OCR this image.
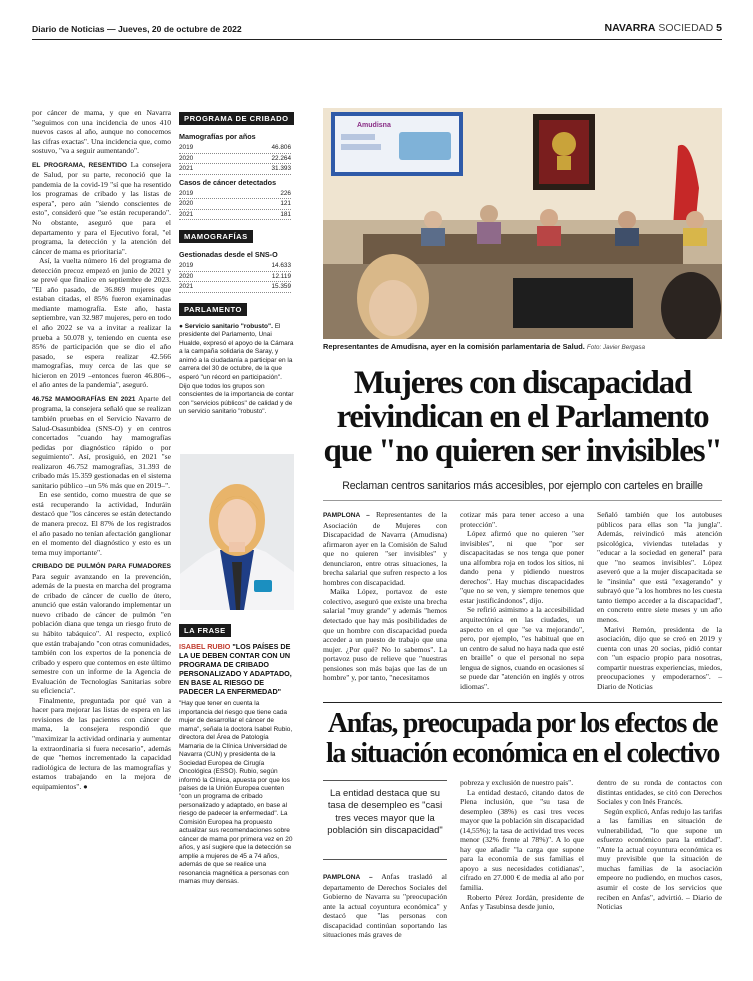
Diario de Noticias — Jueves, 20 de octubre de 2022	NAVARRA SOCIEDAD 5

por cáncer de mama, y que en Navarra "seguimos con una incidencia de unos 410 nuevos casos al año, aunque no conocemos las cifras exactas". Una incidencia que, como sostuvo, "va a seguir aumentando".

EL PROGRAMA, RESENTIDO La consejera de Salud, por su parte, reconoció que la pandemia de la covid-19 "sí que ha resentido los programas de cribado y las listas de espera", pero aún "siendo conscientes de esto", consideró que "se están recuperando". No obstante, aseguró que para el departamento y para el Ejecutivo foral, "el programa, la detección y la atención del cáncer de mama es prioritaria".

Así, la vuelta número 16 del programa de detección precoz empezó en junio de 2021 y se prevé que finalice en septiembre de 2023. "El año pasado, de 36.869 mujeres que estaban citadas, el 85% fueron examinadas mediante mamografía. Este año, hasta septiembre, van 32.987 mujeres, pero en todo el año 2022 se va a invitar a realizar la prueba a 50.078 y, teniendo en cuenta ese 85% de participación que se dio el año pasado, se espera realizar 42.566 mamografías, muy cerca de las que se hicieron en 2019 –entonces fueron 46.806–, el año antes de la pandemia", aseguró.

46.752 MAMOGRAFÍAS EN 2021 Aparte del programa, la consejera señaló que se realizan también pruebas en el Servicio Navarro de Salud-Osasunbidea (SNS-O) y en centros concertados "cuando hay mamografías pedidas por diagnóstico rápido o por seguimiento". Así, prosiguió, en 2021 "se realizaron 46.752 mamografías, 31.393 de cribado más 15.359 gestionadas en el sistema sanitario público –un 5% más que en 2019–".

En ese sentido, como muestra de que se está recuperando la actividad, Induráin destacó que "los cánceres se están detectando de manera precoz. El 87% de los registrados el año pasado no tenían afectación ganglionar en el momento del diagnóstico y esto es un tema muy importante".

CRIBADO DE PULMÓN PARA FUMADORES Para seguir avanzando en la prevención, además de la puesta en marcha del programa de cribado de cáncer de cuello de útero, anunció que están valorando implementar un nuevo cribado de cáncer de pulmón "en población diana que tenga un riesgo fruto de su hábito tabáquico". Al respecto, explicó que están trabajando "con otras comunidades, también con los expertos de la ponencia de cribado y espero que contemos en este último semestre con un informe de la Agencia de Evaluación de Tecnologías Sanitarias sobre su eficiencia".

Finalmente, preguntada por qué van a hacer para mejorar las listas de espera en las revisiones de las pacientes con cáncer de mama, la consejera respondió que "maximizar la actividad ordinaria y aumentar la extraordinaria si fuera necesario", además de que "hemos incrementado la capacidad radiológica de lectura de las mamografías y estamos trabajando en la mejora de equipamientos". ●

PROGRAMA DE CRIBADO
Mamografías por años
2019	46.806
2020	22.264
2021	31.393
Casos de cáncer detectados
2019	226
2020	121
2021	181
MAMOGRAFÍAS
Gestionadas desde el SNS-O
2019	14.633
2020	12.119
2021	15.359
PARLAMENTO
● Servicio sanitario "robusto". El presidente del Parlamento, Unai Hualde, expresó el apoyo de la Cámara a la campaña solidaria de Saray, y animó a la ciudadanía a participar en la carrera del 30 de octubre, de la que esperó "un récord en participación". Dijo que todos los grupos son conscientes de la importancia de contar con "servicios públicos" de calidad y de un servicio sanitario "robusto".
LA FRASE
ISABEL RUBIO "LOS PAÍSES DE LA UE DEBEN CONTAR CON UN PROGRAMA DE CRIBADO PERSONALIZADO Y ADAPTADO, EN BASE AL RIESGO DE PADECER LA ENFERMEDAD"
"Hay que tener en cuenta la importancia del riesgo que tiene cada mujer de desarrollar el cáncer de mama", señala la doctora Isabel Rubio, directora del Área de Patología Mamaria de la Clínica Universidad de Navarra (CUN) y presidenta de la Sociedad Europea de Cirugía Oncológica (ESSO). Rubio, según informó la Clínica, apuesta por que los países de la Unión Europea cuenten "con un programa de cribado personalizado y adaptado, en base al riesgo de padecer la enfermedad". La Comisión Europea ha propuesto actualizar sus recomendaciones sobre cáncer de mama por primera vez en 20 años, y así sugiere que la detección se amplíe a mujeres de 45 a 74 años, además de que se realice una resonancia magnética a personas con mamas muy densas.
Amudisna
Representantes de Amudisna, ayer en la comisión parlamentaria de Salud. Foto: Javier Bergasa
Mujeres con discapacidad
reivindican en el Parlamento
que "no quieren ser invisibles"
Reclaman centros sanitarios más accesibles, por ejemplo con carteles en braille

PAMPLONA – Representantes de la Asociación de Mujeres con Discapacidad de Navarra (Amudisna) afirmaron ayer en la Comisión de Salud que no quieren "ser invisibles" y denunciaron, entre otras situaciones, la brecha salarial que sufren respecto a los hombres con discapacidad.

Maika López, portavoz de este colectivo, aseguró que existe una brecha salarial "muy grande" y además "hemos detectado que hay más posibilidades de que un hombre con discapacidad pueda acceder a un puesto de trabajo que una mujer. ¿Por qué? No lo sabemos". La portavoz puso de relieve que "nuestras pensiones son más bajas que las de un hombre" y, por tanto, "necesitamos

cotizar más para tener acceso a una protección".

López afirmó que no quieren "ser invisibles", ni que "por ser discapacitadas se nos tenga que poner una alfombra roja en todos los sitios, ni dando pena y pidiendo nuestros derechos". Hay muchas discapacidades "que no se ven, y siempre tenemos que estar justificándonos", dijo.

Se refirió asimismo a la accesibilidad arquitectónica en las ciudades, un aspecto en el que "se va mejorando", pero, por ejemplo, "es habitual que en un centro de salud no haya nada que esté en braille" o que el personal no sepa lengua de signos, cuando en ocasiones sí se puede dar "atención en inglés y otros idiomas".

Señaló también que los autobuses públicos para ellas son "la jungla". Además, reivindicó más atención psicológica, viviendas tuteladas y "educar a la sociedad en general" para que "no seamos invisibles". López aseveró que a la mujer discapacitada se le "insinúa" que está "exagerando" y subrayó que "a los hombres no les cuesta tanto tiempo acceder a la discapacidad", en concreto entre siete meses y un año menos.

Marivi Remón, presidenta de la asociación, dijo que se creó en 2019 y cuenta con unas 20 socias, pidió contar con "un espacio propio para nosotras, compartir nuestras experiencias, miedos, preocupaciones y empoderarnos". – Diario de Noticias

Anfas, preocupada por los efectos de
la situación económica en el colectivo
La entidad destaca que su tasa de desempleo es "casi tres veces mayor que la población sin discapacidad"

PAMPLONA – Anfas trasladó al departamento de Derechos Sociales del Gobierno de Navarra su "preocupación ante la actual coyuntura económica" y destacó que "las personas con discapacidad continúan soportando las situaciones más graves de

pobreza y exclusión de nuestro país".

La entidad destacó, citando datos de Plena inclusión, que "su tasa de desempleo (38%) es casi tres veces mayor que la población sin discapacidad (14,55%); la tasa de actividad tres veces menor (32% frente al 78%)". A lo que hay que añadir "la carga que supone para la economía de sus familias el apoyo a sus necesidades cotidianas", cifrado en 27.000 € de media al año por familia.

Roberto Pérez Jordán, presidente de Anfas y Tasubinsa desde junio,

dentro de su ronda de contactos con distintas entidades, se citó con Derechos Sociales y con Inés Francés.

Según explicó, Anfas redujo las tarifas a las familias en situación de vulnerabilidad, "lo que supone un esfuerzo económico para la entidad". "Ante la actual coyuntura económica es muy previsible que la situación de muchas familias de la asociación empeore no pudiendo, en muchos casos, asumir el coste de los servicios que reciben en Anfas", advirtió. – Diario de Noticias
